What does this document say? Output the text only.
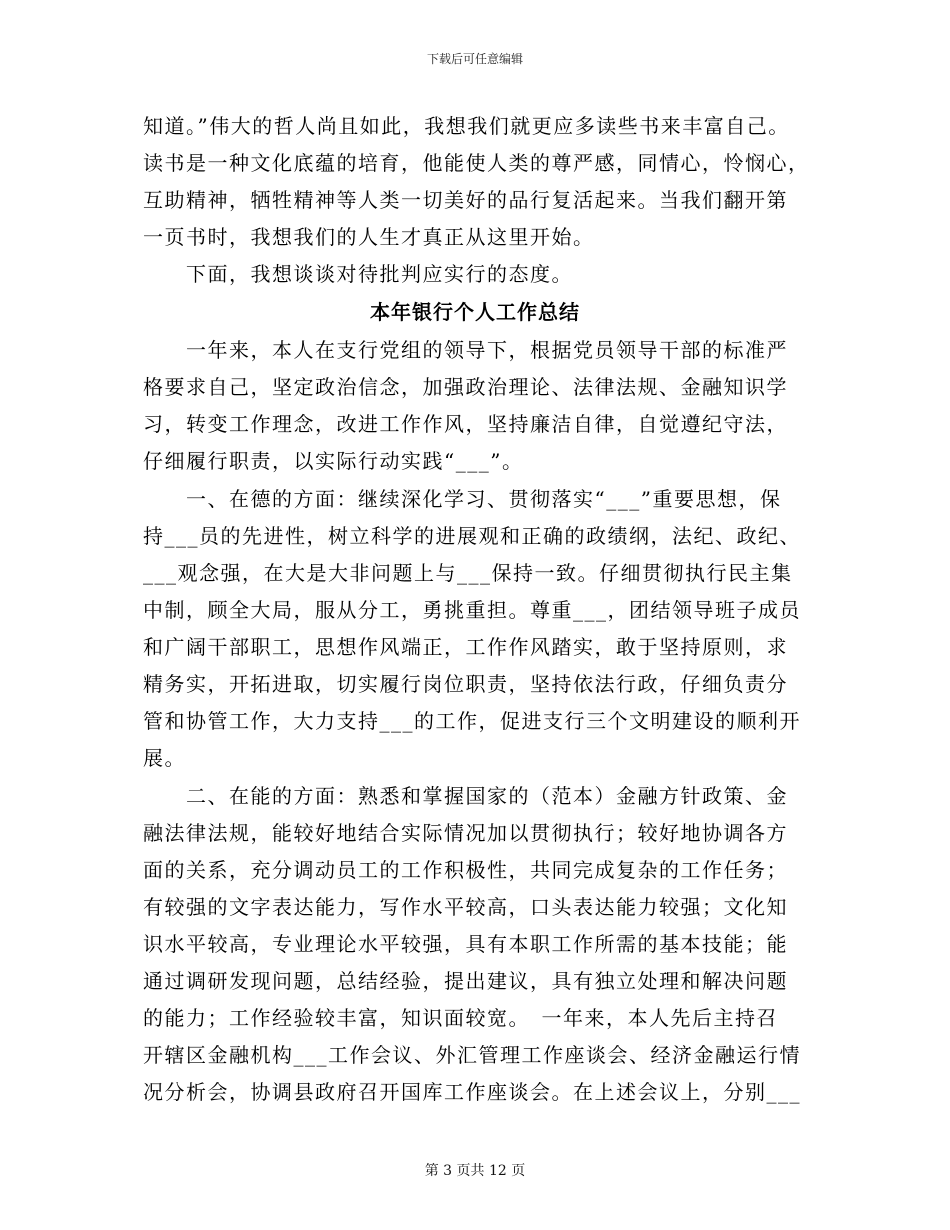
下载后可任意编辑
知道。”伟大的哲人尚且如此，我想我们就更应多读些书来丰富自己。
读书是一种文化底蕴的培育，他能使人类的尊严感，同情心，怜悯心，
互助精神，牺牲精神等人类一切美好的品行复活起来。当我们翻开第
一页书时，我想我们的人生才真正从这里开始。
下面，我想谈谈对待批判应实行的态度。
本年银行个人工作总结
一年来，本人在支行党组的领导下，根据党员领导干部的标准严
格要求自己，坚定政治信念，加强政治理论、法律法规、金融知识学
习，转变工作理念，改进工作作风，坚持廉洁自律，自觉遵纪守法，
仔细履行职责，以实际行动实践“___”。
一、在德的方面：继续深化学习、贯彻落实“___”重要思想，保
持___员的先进性，树立科学的进展观和正确的政绩纲，法纪、政纪、
___观念强，在大是大非问题上与___保持一致。仔细贯彻执行民主集
中制，顾全大局，服从分工，勇挑重担。尊重___，团结领导班子成员
和广阔干部职工，思想作风端正，工作作风踏实，敢于坚持原则，求
精务实，开拓进取，切实履行岗位职责，坚持依法行政，仔细负责分
管和协管工作，大力支持___的工作，促进支行三个文明建设的顺利开
展。
二、在能的方面：熟悉和掌握国家的（范本）金融方针政策、金
融法律法规，能较好地结合实际情况加以贯彻执行；较好地协调各方
面的关系，充分调动员工的工作积极性，共同完成复杂的工作任务；
有较强的文字表达能力，写作水平较高，口头表达能力较强；文化知
识水平较高，专业理论水平较强，具有本职工作所需的基本技能；能
通过调研发现问题，总结经验，提出建议，具有独立处理和解决问题
的能力；工作经验较丰富，知识面较宽。　一年来，本人先后主持召
开辖区金融机构___工作会议、外汇管理工作座谈会、经济金融运行情
况分析会，协调县政府召开国库工作座谈会。在上述会议上，分别___
第 3 页共 12 页
